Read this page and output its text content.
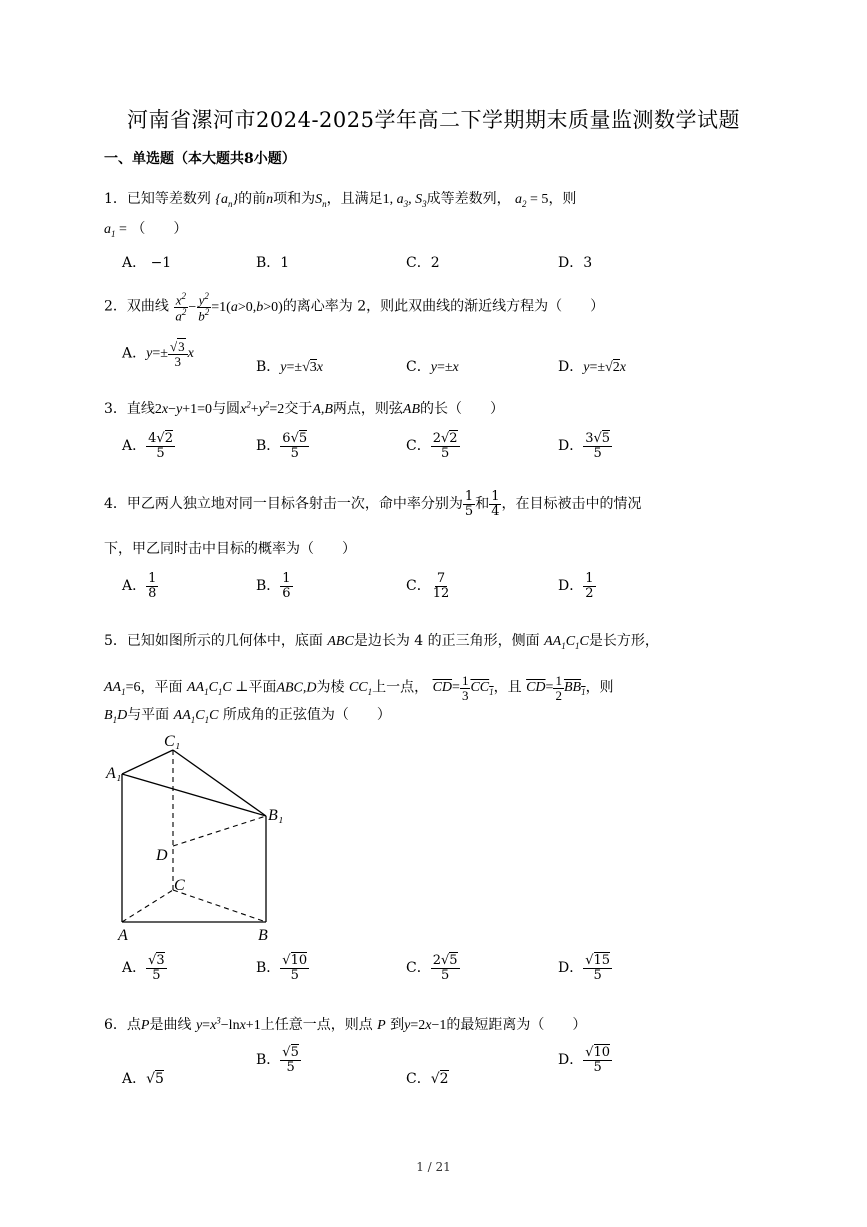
河南省漯河市2024-2025学年高二下学期期末质量监测数学试题
一、单选题（本大题共8小题）
1．已知等差数列 $\{a_n\}$的前n项和为$S_n$，且满足1, $a_3$, $S_3$成等差数列， $a_2 = 5$，则
$a_1$ = （　　）
A． −1	B．1	C．2	D．3
2．双曲线 $\frac{x^2}{a^2} - \frac{y^2}{b^2} =1(a>0,b>0)$的离心率为 2，则此双曲线的渐近线方程为（　　）
A．$y=\pm \frac{√3}{3}$ x
B．y=±√3x	C．y=±x	D．y=±√2x
3．直线2x−y+1=0与圆$x^2+y^2=2$交于A,B两点，则弦AB的长（　　）
A． $\frac{4√2}{5}$	B． $\frac{6√5}{5}$	C． $\frac{2√2}{5}$	D． $\frac{3√5}{5}$
4．甲乙两人独立地对同一目标各射击一次，命中率分别为 $\frac{1}{5}$ 和 $\frac{1}{4}$ ，在目标被击中的情况
下，甲乙同时击中目标的概率为（　　）
A． $\frac{1}{8}$	B． $\frac{1}{6}$	C． $\frac{7}{12}$	D． $\frac{1}{2}$
5．已知如图所示的几何体中，底面 ABC是边长为 4 的正三角形，侧面 $AA_1C_1C$是长方形，
$AA_1=6$，平面 $AA_1C_1C$ ⊥平面ABC,D为棱 $CC_1$上一点， $\overline{CD}= \frac{1}{3} CC_1$，且 $\overline{CD}= \frac{1}{2} BB_1$，则
$B_1D$与平面 $AA_1C_1C$ 所成角的正弦值为（　　）
C₁
A₁
B₁
D
C
A	B
A． $\frac{√3}{5}$	B． $\frac{√10}{5}$	C． $\frac{2√5}{5}$	D． $\frac{√15}{5}$
6．点P是曲线 $y=x^3-\ln x+1$上任意一点，则点 P 到y=2x−1的最短距离为（　　）
A．√5
B． $\frac{√5}{5}$
C．√2
D． $\frac{√10}{5}$
1 / 21
